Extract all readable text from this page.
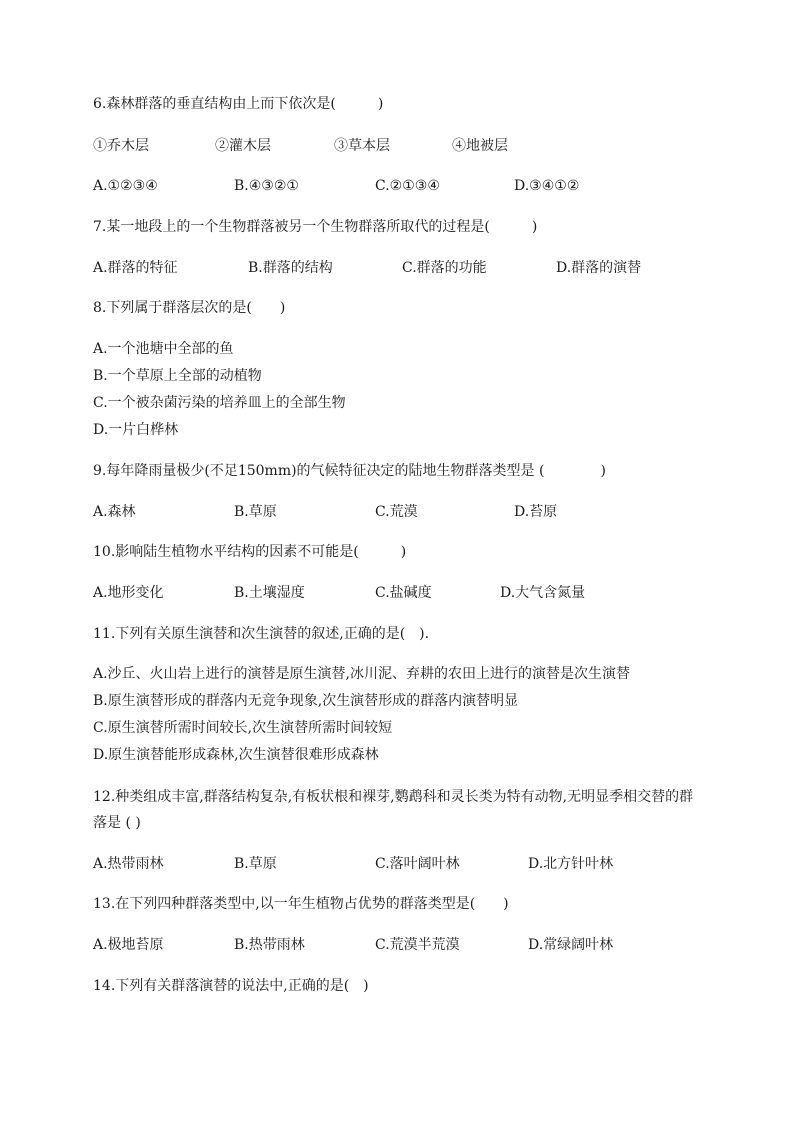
6.森林群落的垂直结构由上而下依次是(　　　)
①乔木层	②灌木层	③草本层	④地被层
A.①②③④	B.④③②①	C.②①③④	D.③④①②
7.某一地段上的一个生物群落被另一个生物群落所取代的过程是(　　　)
A.群落的特征	B.群落的结构	C.群落的功能	D.群落的演替
8.下列属于群落层次的是(　　)
A.一个池塘中全部的鱼
B.一个草原上全部的动植物
C.一个被杂菌污染的培养皿上的全部生物
D.一片白桦林
9.每年降雨量极少(不足150mm)的气候特征决定的陆地生物群落类型是 (　　　　)
A.森林	B.草原	C.荒漠	D.苔原
10.影响陆生植物水平结构的因素不可能是(　　　)
A.地形变化	B.土壤湿度	C.盐碱度	D.大气含氮量
11.下列有关原生演替和次生演替的叙述,正确的是(　).
A.沙丘、火山岩上进行的演替是原生演替,冰川泥、弃耕的农田上进行的演替是次生演替
B.原生演替形成的群落内无竞争现象,次生演替形成的群落内演替明显
C.原生演替所需时间较长,次生演替所需时间较短
D.原生演替能形成森林,次生演替很难形成森林
12.种类组成丰富,群落结构复杂,有板状根和裸芽,鹦鹉科和灵长类为特有动物,无明显季相交替的群落是 ( )
A.热带雨林	B.草原	C.落叶阔叶林	D.北方针叶林
13.在下列四种群落类型中,以一年生植物占优势的群落类型是(　　)
A.极地苔原	B.热带雨林	C.荒漠半荒漠	D.常绿阔叶林
14.下列有关群落演替的说法中,正确的是(　)
